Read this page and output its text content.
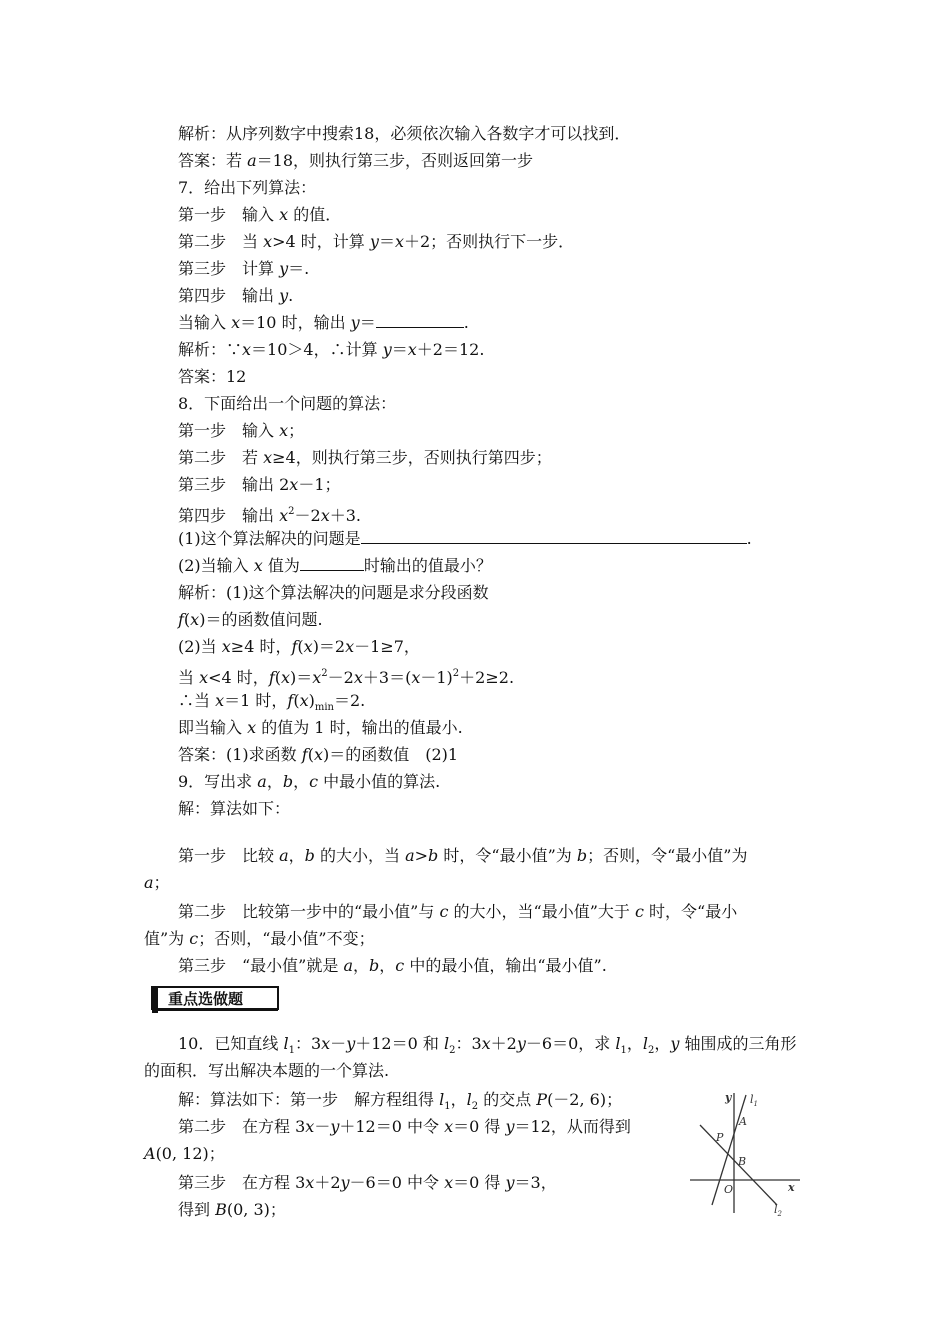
解析：从序列数字中搜索18，必须依次输入各数字才可以找到．
答案：若 a＝18，则执行第三步，否则返回第一步
7．给出下列算法：
第一步　输入 x 的值．
第二步　当 x>4 时，计算 y＝x＋2；否则执行下一步．
第三步　计算 y＝.
第四步　输出 y.
当输入 x＝10 时，输出 y＝	.
解析：∵x＝10＞4，∴计算 y＝x＋2＝12.
答案：12
8．下面给出一个问题的算法：
第一步　输入 x；
第二步　若 x≥4，则执行第三步，否则执行第四步；
第三步　输出 2x－1；
第四步　输出 $x^2-2x+3$.
(1)这个算法解决的问题是	.
(2)当输入 x 值为	时输出的值最小？
解析：(1)这个算法解决的问题是求分段函数
f(x)＝的函数值问题.
(2)当 x≥4 时，f(x)＝2x－1≥7，
当 x<4 时，$f(x)=x^2-2x+3=(x-1)^2+2\ge 2$.
∴当 x＝1 时，$f(x)_{min}=2$.
即当输入 x 的值为 1 时，输出的值最小.
答案：(1)求函数 f(x)＝的函数值　(2)1
9．写出求 a，b，c 中最小值的算法.
解：算法如下：
第一步　比较 a，b 的大小，当 a>b 时，令“最小值”为 b；否则，令“最小值”为
a；
第二步　比较第一步中的“最小值”与 c 的大小，当“最小值”大于 c 时，令“最小
值”为 c；否则，“最小值”不变；
第三步　“最小值”就是 a，b，c 中的最小值，输出“最小值”.
重点选做题
10．已知直线 $l_1$：3x－y＋12＝0 和 $l_2$：3x＋2y－6＝0，求 $l_1$，$l_2$，y 轴围成的三角形
的面积．写出解决本题的一个算法.
解：算法如下：第一步　解方程组得 $l_1$，$l_2$ 的交点 P(－2, 6)；
第二步　在方程 3x－y＋12＝0 中令 x＝0 得 y＝12，从而得到
A(0, 12)；
第三步　在方程 3x＋2y－6＝0 中令 x＝0 得 y＝3，
得到 B(0, 3)；
y
x
O
A
B
P
$l_1$
$l_2$
